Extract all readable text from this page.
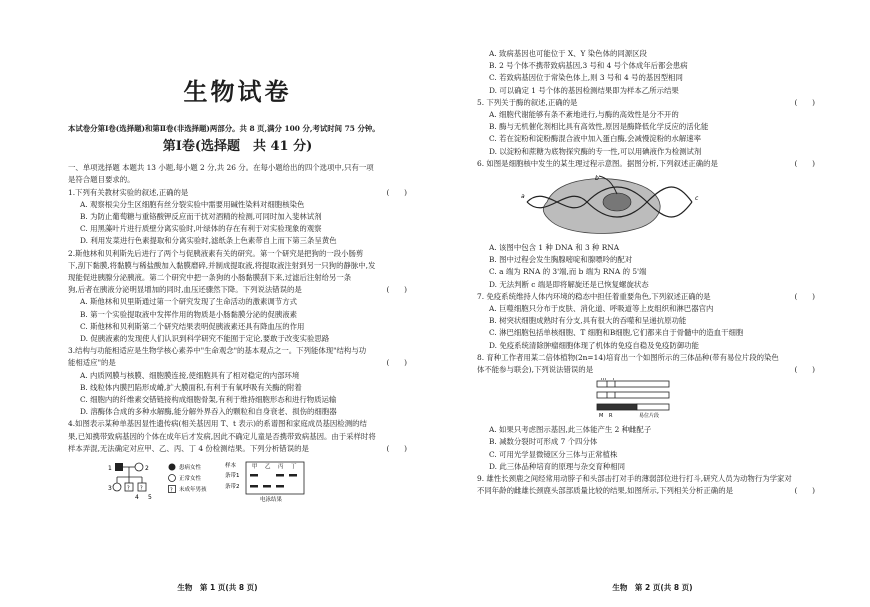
生物试卷

本试卷分第Ⅰ卷(选择题)和第Ⅱ卷(非选择题)两部分。共 8 页,满分 100 分,考试时间 75 分钟。

第Ⅰ卷(选择题　共 41 分)

一、单项选择题 本题共 13 小题,每小题 2 分,共 26 分。在每小题给出的四个选项中,只有一项

是符合题目要求的。

1.下列有关教材实验的叙述,正确的是	(　　)

A. 观察根尖分生区细胞有丝分裂实验中需要用碱性染料对细胞核染色

B. 为防止葡萄糖与重铬酸钾反应而干扰对酒精的检测,可同时加入斐林试剂

C. 用黑藻叶片进行质壁分离实验时,叶绿体的存在有利于对实验现象的观察

D. 利用发菜进行色素提取和分离实验时,滤纸条上色素带自上而下第三条呈黄色

2.斯他林和贝利斯先后进行了两个与促胰液素有关的研究。第一个研究是把狗的一段小肠剪

下,刮下黏膜,将黏膜与稀盐酸加入黏膜磨碎,并制成提取液,将提取液注射到另一只狗的静脉中,发

现能促进胰腺分泌胰液。第二个研究中把一条狗的小肠黏膜刮下来,过滤后注射给另一条

狗,后者在胰液分泌明显增加的同时,血压还骤然下降。下列说法错误的是	(　　)

A. 斯他林和贝里斯通过第一个研究发现了生命活动的激素调节方式

B. 第一个实验提取液中发挥作用的物质是小肠黏膜分泌的促胰液素

C. 斯他林和贝利斯第二个研究结果表明促胰液素还具有降血压的作用

D. 促胰液素的发现使人们认识到科学研究不能囿于定论,要敢于改变实验思路

3.结构与功能相适应是生物学核心素养中"生命观念"的基本观点之一。下列能体现"结构与功

能相适应"的是	(　　)

A. 内质网膜与核膜、细胞膜连接,使细胞具有了相对稳定的内部环境

B. 线粒体内膜凹陷形成嵴,扩大膜面积,有利于有氧呼吸有关酶的附着

C. 细胞内的纤维素交错链接构成细胞骨架,有利于维持细胞形态和进行物质运输

D. 溶酶体合成的多种水解酶,能分解外界吞入的颗粒和自身衰老、损伤的细胞器

4.如图表示某种单基因显性遗传病(相关基因用 T、t 表示)的系谱图和家庭成员基因检测的结

果,已知携带致病基因的个体在成年后才发病,因此不确定儿童是否携带致病基因。由于采样时将

样本弄混,无法确定对应甲、乙、丙、丁 4 份检测结果。下列分析错误的是	(　　)

1	2
3	? ?
4 5
患病女性
正常女性
? 未成年男孩
样本
条带1
条带2
甲 乙 丙 丁
电泳结果
生物　第 1 页(共 8 页)

A. 致病基因也可能位于 X、Y 染色体的同源区段

B. 2 号个体不携带致病基因,3 号和 4 号个体成年后都会患病

C. 若致病基因位于常染色体上,则 3 号和 4 号的基因型相同

D. 可以确定 1 号个体的基因检测结果即为样本乙所示结果

5. 下列关于酶的叙述,正确的是	(　　)

A. 细胞代谢能够有条不紊地进行,与酶的高效性是分不开的

B. 酶与无机催化剂相比具有高效性,原因是酶降低化学反应的活化能

C. 若在淀粉和淀粉酶混合液中加入蛋白酶,会减慢淀粉的水解速率

D. 以淀粉和蔗糖为底物探究酶的专一性,可以用碘液作为检测试剂

6. 如图是细胞核中发生的某生理过程示意图。据图分析,下列叙述正确的是	(　　)

a
b
c

A. 该图中包含 1 种 DNA 和 3 种 RNA

B. 图中过程会发生胸腺嘧啶和腺嘌呤的配对

C. a 端为 RNA 的 3'端,而 b 端为 RNA 的 5'端

D. 无法判断 c 端是即将解旋还是已恢复螺旋状态

7. 免疫系统维持人体内环境的稳态中担任着重要角色,下列叙述正确的是	(　　)

A. 巨噬细胞只分布于皮肤、消化道、呼吸道等上皮组织和淋巴器官内

B. 树突状细胞成熟时有分支,具有很大的吞噬和呈递抗原功能

C. 淋巴细胞包括单核细胞、T 细胞和B细胞,它们都来自于骨髓中的造血干细胞

D. 免疫系统清除肿瘤细胞体现了机体的免疫自稳及免疫防御功能

8. 育种工作者用某二倍体植物(2n=14)培育出一个如图所示的三体品种(带有易位片段的染色

体不能参与联会),下列说法错误的是	(　　)

m r
M R	易位片段

A. 如果只考虑图示基因,此三体能产生 2 种雌配子

B. 减数分裂时可形成 7 个四分体

C. 可用光学显微镜区分三体与正常植株

D. 此三体品种培育的原理与杂交育种相同

9. 雄性长颈鹿之间经常用动脖子和头部击打对手的薄弱部位进行打斗,研究人员为动物行为学家对

不同年龄的雌雄长颈鹿头部部质量比较的结果,如图所示,下列相关分析正确的是	(　　)

生物　第 2 页(共 8 页)
